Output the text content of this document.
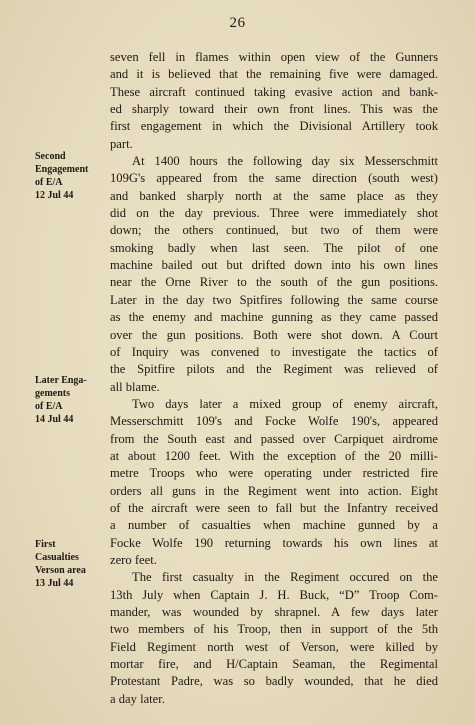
26
Second
Engagement
of E/A
12 Jul 44
Later Enga-
gements
of E/A
14 Jul 44
First
Casualties
Verson area
13 Jul 44
seven fell in flames within open view of the Gunners
and it is believed that the remaining five were damaged.
These aircraft continued taking evasive action and bank-
ed sharply toward their own front lines. This was the
first engagement in which the Divisional Artillery took
part.
At 1400 hours the following day six Messerschmitt
109G's appeared from the same direction (south west)
and banked sharply north at the same place as they
did on the day previous. Three were immediately shot
down; the others continued, but two of them were
smoking badly when last seen. The pilot of one
machine bailed out but drifted down into his own lines
near the Orne River to the south of the gun positions.
Later in the day two Spitfires following the same course
as the enemy and machine gunning as they came passed
over the gun positions. Both were shot down. A Court
of Inquiry was convened to investigate the tactics of
the Spitfire pilots and the Regiment was relieved of
all blame.
Two days later a mixed group of enemy aircraft,
Messerschmitt 109's and Focke Wolfe 190's, appeared
from the South east and passed over Carpiquet airdrome
at about 1200 feet. With the exception of the 20 milli-
metre Troops who were operating under restricted fire
orders all guns in the Regiment went into action. Eight
of the aircraft were seen to fall but the Infantry received
a number of casualties when machine gunned by a
Focke Wolfe 190 returning towards his own lines at
zero feet.
The first casualty in the Regiment occured on the
13th July when Captain J. H. Buck, “D” Troop Com-
mander, was wounded by shrapnel. A few days later
two members of his Troop, then in support of the 5th
Field Regiment north west of Verson, were killed by
mortar fire, and H/Captain Seaman, the Regimental
Protestant Padre, was so badly wounded, that he died
a day later.
